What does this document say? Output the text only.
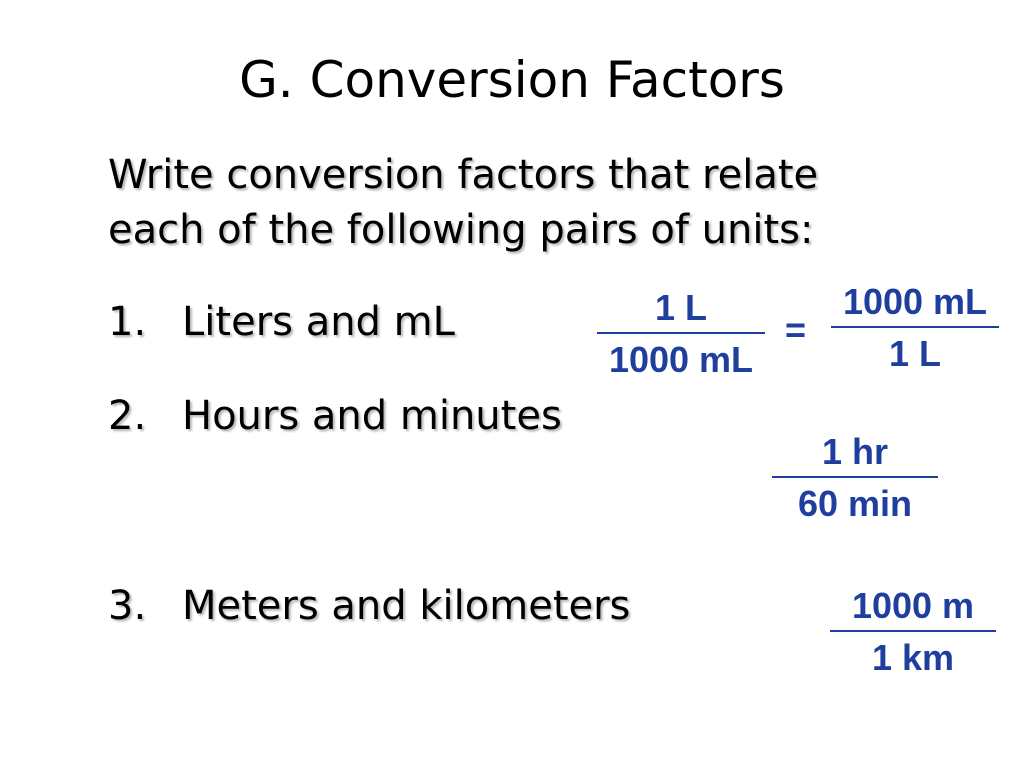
G. Conversion Factors
Write conversion factors that relate
each of the following pairs of units:
1. Liters and mL
2. Hours and minutes
3. Meters and kilometers
1 L
1000 mL
=
1000 mL
1 L
1 hr
60 min
1000 m
1 km
